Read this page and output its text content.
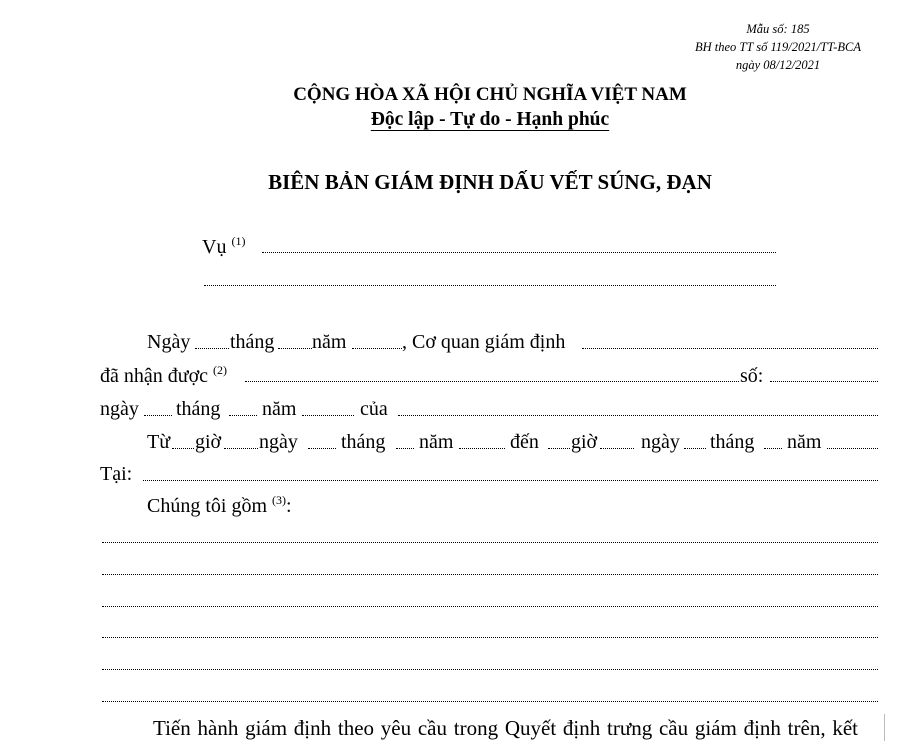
Mẫu số: 185
BH theo TT số 119/2021/TT-BCA
ngày 08/12/2021
CỘNG HÒA XÃ HỘI CHỦ NGHĨA VIỆT NAM
Độc lập - Tự do - Hạnh phúc
BIÊN BẢN GIÁM ĐỊNH DẤU VẾT SÚNG, ĐẠN
Vụ $^{(1)}$
Ngày tháng năm	, Cơ quan giám định
đã nhận được $^{(2)}$	số:
ngày tháng năm	của
Từ giờ ngày tháng năm	đến giờ ngày tháng năm
Tại:
Chúng tôi gồm $^{(3)}$:
Tiến hành giám định theo yêu cầu trong Quyết định trưng cầu giám định trên, kết
